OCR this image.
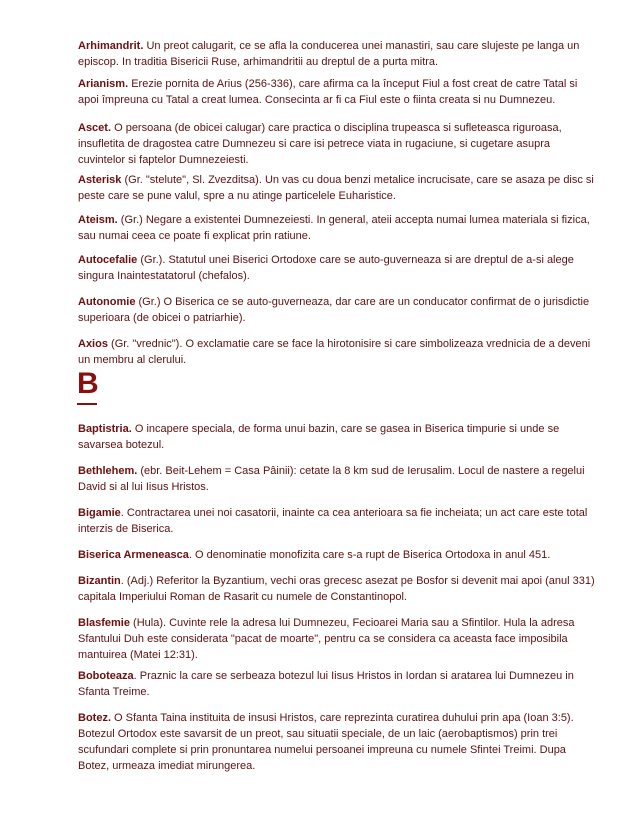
Arhimandrit. Un preot calugarit, ce se afla la conducerea unei manastiri, sau care slujeste pe langa un episcop. In traditia Bisericii Ruse, arhimandritii au dreptul de a purta mitra.

Arianism. Erezie pornita de Arius (256-336), care afirma ca la început Fiul a fost creat de catre Tatal si apoi împreuna cu Tatal a creat lumea. Consecinta ar fi ca Fiul este o fiinta creata si nu Dumnezeu.

Ascet. O persoana (de obicei calugar) care practica o disciplina trupeasca si sufleteasca riguroasa, insufletita de dragostea catre Dumnezeu si care isi petrece viata in rugaciune, si cugetare asupra cuvintelor si faptelor Dumnezeiesti.

Asterisk (Gr. "stelute", Sl. Zvezditsa). Un vas cu doua benzi metalice incrucisate, care se asaza pe disc si peste care se pune valul, spre a nu atinge particelele Euharistice.

Ateism. (Gr.) Negare a existentei Dumnezeiesti. In general, ateii accepta numai lumea materiala si fizica, sau numai ceea ce poate fi explicat prin ratiune.

Autocefalie (Gr.). Statutul unei Biserici Ortodoxe care se auto-guverneaza si are dreptul de a-si alege singura Inaintestatatorul (chefalos).

Autonomie (Gr.) O Biserica ce se auto-guverneaza, dar care are un conducator confirmat de o jurisdictie superioara (de obicei o patriarhie).

Axios (Gr. "vrednic"). O exclamatie care se face la hirotonisire si care simbolizeaza vrednicia de a deveni un membru al clerului.

B

Baptistria. O incapere speciala, de forma unui bazin, care se gasea in Biserica timpurie si unde se savarsea botezul.

Bethlehem. (ebr. Beit-Lehem = Casa Pâinii): cetate la 8 km sud de Ierusalim. Locul de nastere a regelui David si al lui Iisus Hristos.

Bigamie. Contractarea unei noi casatorii, inainte ca cea anterioara sa fie incheiata; un act care este total interzis de Biserica.

Biserica Armeneasca. O denominatie monofizita care s-a rupt de Biserica Ortodoxa in anul 451.

Bizantin. (Adj.) Referitor la Byzantium, vechi oras grecesc asezat pe Bosfor si devenit mai apoi (anul 331) capitala Imperiului Roman de Rasarit cu numele de Constantinopol.

Blasfemie (Hula). Cuvinte rele la adresa lui Dumnezeu, Fecioarei Maria sau a Sfintilor. Hula la adresa Sfantului Duh este considerata "pacat de moarte", pentru ca se considera ca aceasta face imposibila mantuirea (Matei 12:31).

Boboteaza. Praznic la care se serbeaza botezul lui Iisus Hristos in Iordan si aratarea lui Dumnezeu in Sfanta Treime.

Botez. O Sfanta Taina instituita de insusi Hristos, care reprezinta curatirea duhului prin apa (Ioan 3:5). Botezul Ortodox este savarsit de un preot, sau situatii speciale, de un laic (aerobaptismos) prin trei scufundari complete si prin pronuntarea numelui persoanei impreuna cu numele Sfintei Treimi. Dupa Botez, urmeaza imediat mirungerea.
